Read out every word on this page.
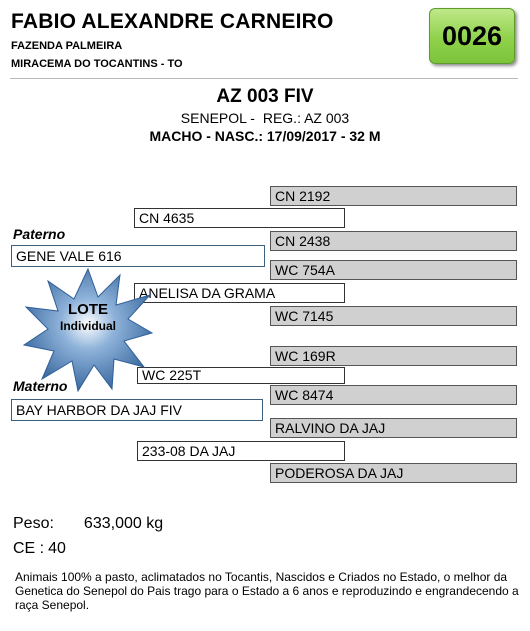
FABIO ALEXANDRE CARNEIRO
FAZENDA PALMEIRA
MIRACEMA DO TOCANTINS - TO
0026
AZ 003 FIV
SENEPOL - REG.: AZ 003
MACHO - NASC.: 17/09/2017 - 32 M
CN 2192
CN 2438
WC 754A
WC 7145
WC 169R
WC 8474
RALVINO DA JAJ
PODEROSA DA JAJ
CN 4635
ANELISA DA GRAMA
WC 225T
233-08 DA JAJ
Paterno
GENE VALE 616
Materno
BAY HARBOR DA JAJ FIV
LOTE
Individual
Peso: 633,000 kg
CE : 40
Animais 100% a pasto, aclimatados no Tocantis, Nascidos e Criados no Estado, o melhor da Genetica do Senepol do Pais trago para o Estado a 6 anos e reproduzindo e engrandecendo a raça Senepol.
